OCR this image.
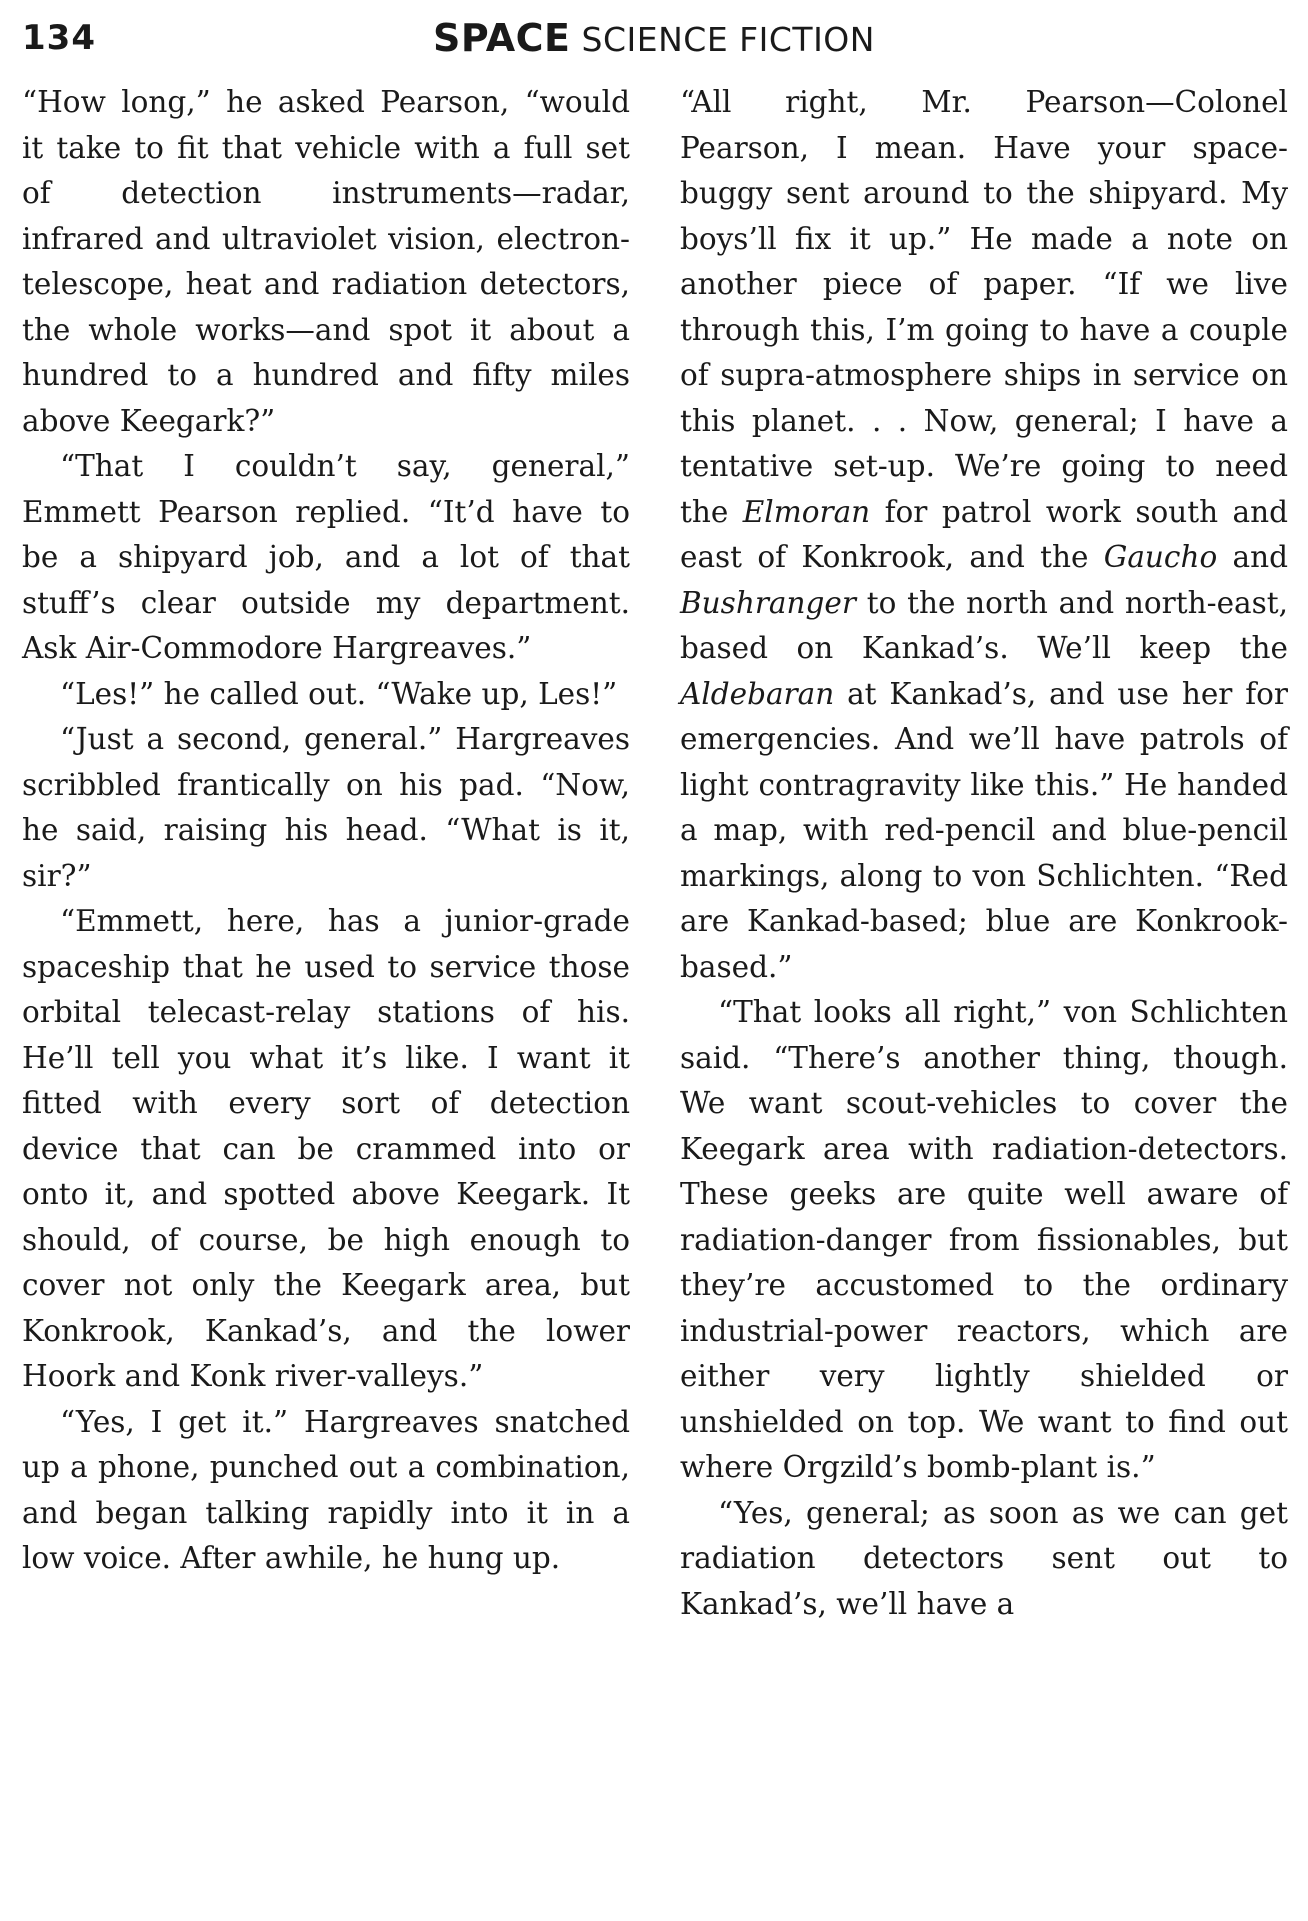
134	SPACE SCIENCE FICTION

“How long,” he asked Pearson, “would it take to fit that vehicle with a full set of detection instruments—radar, infrared and ultraviolet vision, electron-telescope, heat and radiation detectors, the whole works—and spot it about a hundred to a hundred and fifty miles above Keegark?”

“That I couldn’t say, general,” Emmett Pearson replied. “It’d have to be a shipyard job, and a lot of that stuff’s clear outside my department. Ask Air-Commodore Hargreaves.”

“Les!” he called out. “Wake up, Les!”

“Just a second, general.” Hargreaves scribbled frantically on his pad. “Now, he said, raising his head. “What is it, sir?”

“Emmett, here, has a junior-grade spaceship that he used to service those orbital telecast-relay stations of his. He’ll tell you what it’s like. I want it fitted with every sort of detection device that can be crammed into or onto it, and spotted above Keegark. It should, of course, be high enough to cover not only the Keegark area, but Konkrook, Kankad’s, and the lower Hoork and Konk river-valleys.”

“Yes, I get it.” Hargreaves snatched up a phone, punched out a combination, and began talking rapidly into it in a low voice. After awhile, he hung up.

“All right, Mr. Pearson—Colonel Pearson, I mean. Have your space-buggy sent around to the shipyard. My boys’ll fix it up.” He made a note on another piece of paper. “If we live through this, I’m going to have a couple of supra-atmosphere ships in service on this planet. . . Now, general; I have a tentative set-up. We’re going to need the Elmoran for patrol work south and east of Konkrook, and the Gaucho and Bushranger to the north and north-east, based on Kankad’s. We’ll keep the Aldebaran at Kankad’s, and use her for emergencies. And we’ll have patrols of light contragravity like this.” He handed a map, with red-pencil and blue-pencil markings, along to von Schlichten. “Red are Kankad-based; blue are Konkrook-based.”

“That looks all right,” von Schlichten said. “There’s another thing, though. We want scout-vehicles to cover the Keegark area with radiation-detectors. These geeks are quite well aware of radiation-danger from fissionables, but they’re accustomed to the ordinary industrial-power reactors, which are either very lightly shielded or unshielded on top. We want to find out where Orgzild’s bomb-plant is.”

“Yes, general; as soon as we can get radiation detectors sent out to Kankad’s, we’ll have a
